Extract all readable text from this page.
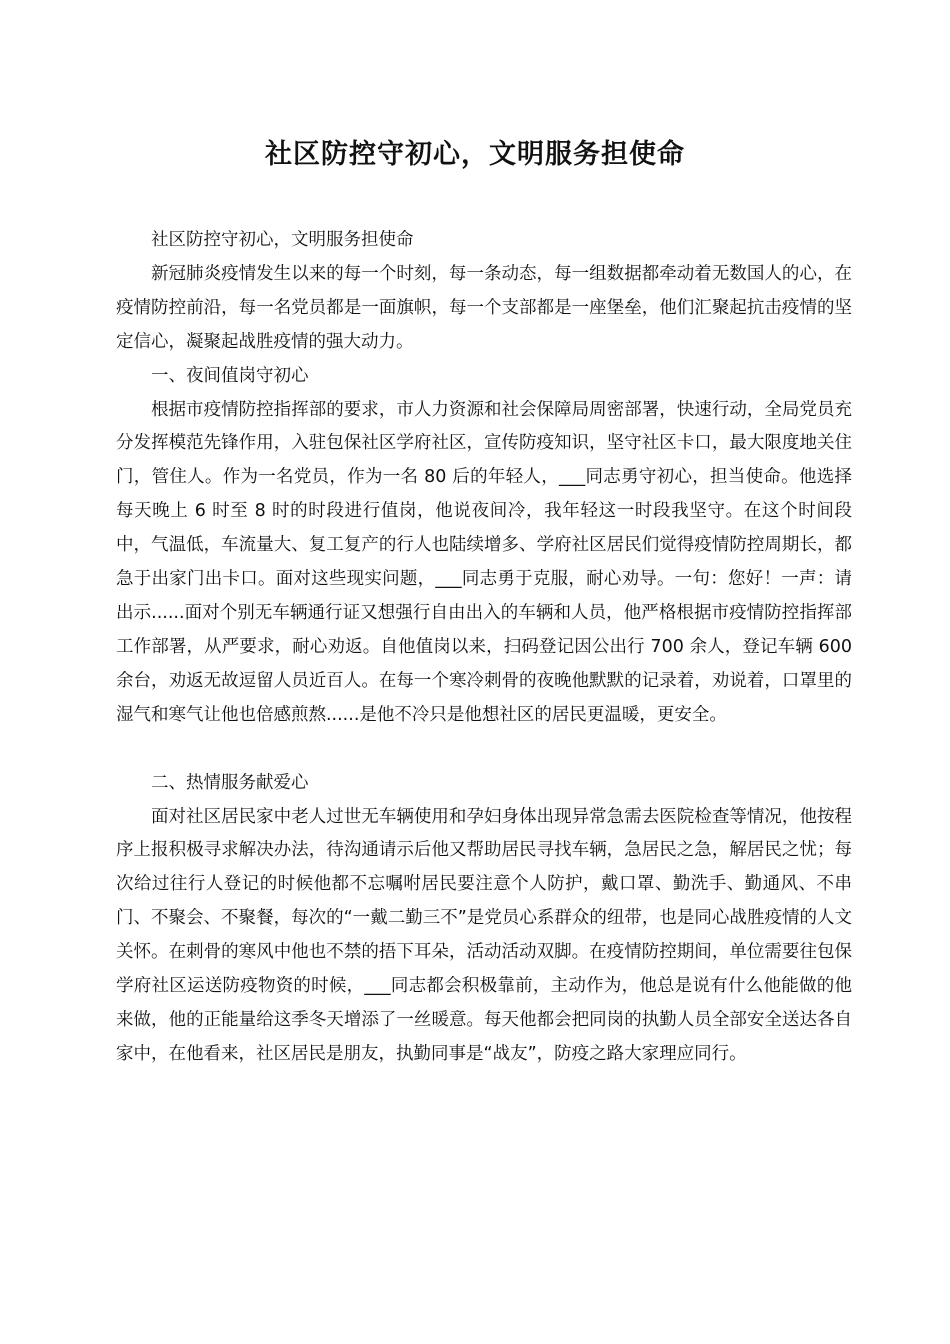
社区防控守初心，文明服务担使命

社区防控守初心，文明服务担使命

新冠肺炎疫情发生以来的每一个时刻，每一条动态，每一组数据都牵动着无数国人的心，在疫情防控前沿，每一名党员都是一面旗帜，每一个支部都是一座堡垒，他们汇聚起抗击疫情的坚定信心，凝聚起战胜疫情的强大动力。

一、夜间值岗守初心

根据市疫情防控指挥部的要求，市人力资源和社会保障局周密部署，快速行动，全局党员充分发挥模范先锋作用，入驻包保社区学府社区，宣传防疫知识，坚守社区卡口，最大限度地关住门，管住人。作为一名党员，作为一名 80 后的年轻人，___同志勇守初心，担当使命。他选择每天晚上 6 时至 8 时的时段进行值岗，他说夜间冷，我年轻这一时段我坚守。在这个时间段中，气温低，车流量大、复工复产的行人也陆续增多、学府社区居民们觉得疫情防控周期长，都急于出家门出卡口。面对这些现实问题，___同志勇于克服，耐心劝导。一句：您好！一声：请出示......面对个别无车辆通行证又想强行自由出入的车辆和人员，他严格根据市疫情防控指挥部工作部署，从严要求，耐心劝返。自他值岗以来，扫码登记因公出行 700 余人，登记车辆 600 余台，劝返无故逗留人员近百人。在每一个寒冷刺骨的夜晚他默默的记录着，劝说着，口罩里的湿气和寒气让他也倍感煎熬......是他不冷只是他想社区的居民更温暖，更安全。

二、热情服务献爱心

面对社区居民家中老人过世无车辆使用和孕妇身体出现异常急需去医院检查等情况，他按程序上报积极寻求解决办法，待沟通请示后他又帮助居民寻找车辆，急居民之急，解居民之忧；每次给过往行人登记的时候他都不忘嘱咐居民要注意个人防护，戴口罩、勤洗手、勤通风、不串门、不聚会、不聚餐，每次的“一戴二勤三不”是党员心系群众的纽带，也是同心战胜疫情的人文关怀。在刺骨的寒风中他也不禁的捂下耳朵，活动活动双脚。在疫情防控期间，单位需要往包保学府社区运送防疫物资的时候，___同志都会积极靠前，主动作为，他总是说有什么他能做的他来做，他的正能量给这季冬天增添了一丝暖意。每天他都会把同岗的执勤人员全部安全送达各自家中，在他看来，社区居民是朋友，执勤同事是“战友”，防疫之路大家理应同行。
